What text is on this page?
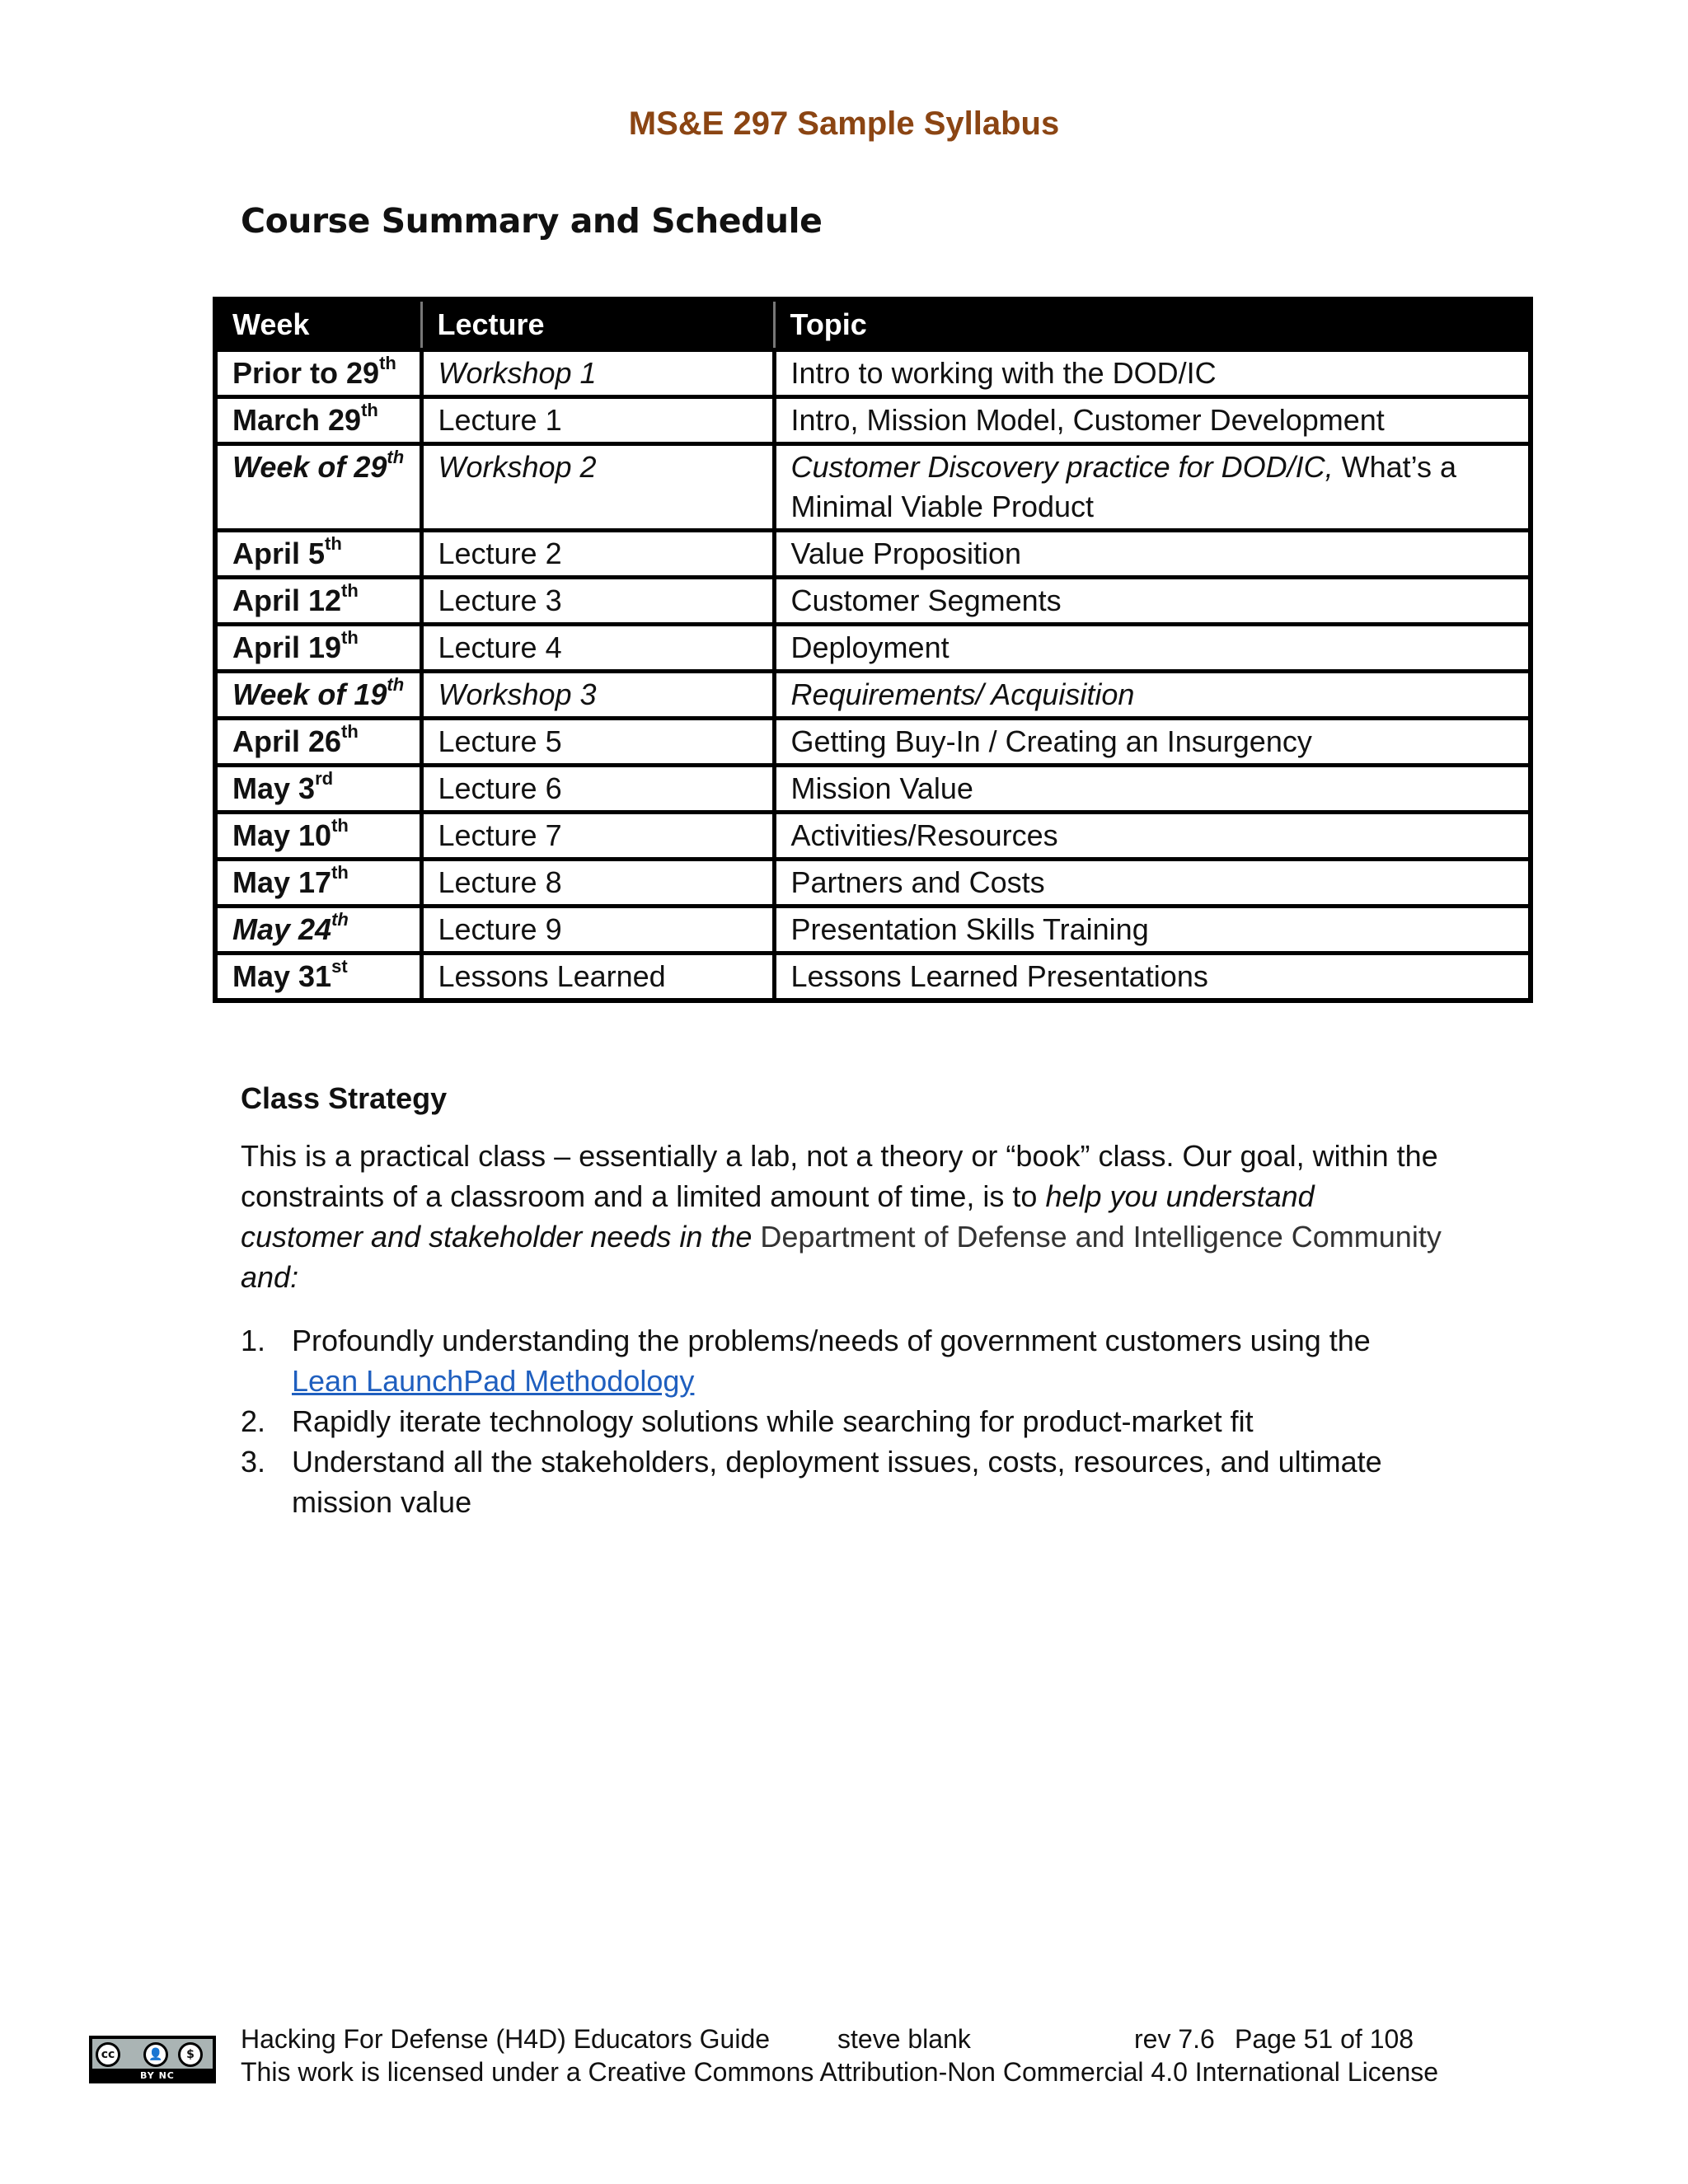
MS&E 297 Sample Syllabus
Course Summary and Schedule
Week	Lecture	Topic
Prior to 29th	Workshop 1	Intro to working with the DOD/IC
March 29th	Lecture 1	Intro, Mission Model, Customer Development
Week of 29th	Workshop 2	Customer Discovery practice for DOD/IC, What’s a Minimal Viable Product
April 5th	Lecture 2	Value Proposition
April 12th	Lecture 3	Customer Segments
April 19th	Lecture 4	Deployment
Week of 19th	Workshop 3	Requirements/ Acquisition
April 26th	Lecture 5	Getting Buy-In / Creating an Insurgency
May 3rd	Lecture 6	Mission Value
May 10th	Lecture 7	Activities/Resources
May 17th	Lecture 8	Partners and Costs
May 24th	Lecture 9	Presentation Skills Training
May 31st	Lessons Learned	Lessons Learned Presentations
Class Strategy
This is a practical class – essentially a lab, not a theory or “book” class. Our goal, within the constraints of a classroom and a limited amount of time, is to help you understand customer and stakeholder needs in the Department of Defense and Intelligence Community and:
1. Profoundly understanding the problems/needs of government customers using the
Lean LaunchPad Methodology
2. Rapidly iterate technology solutions while searching for product-market fit
3. Understand all the stakeholders, deployment issues, costs, resources, and ultimate mission value
cc	👤	$
BY NC
Hacking For Defense (H4D) Educators Guide	steve blank	rev 7.6 Page 51 of 108
This work is licensed under a Creative Commons Attribution-Non Commercial 4.0 International License
